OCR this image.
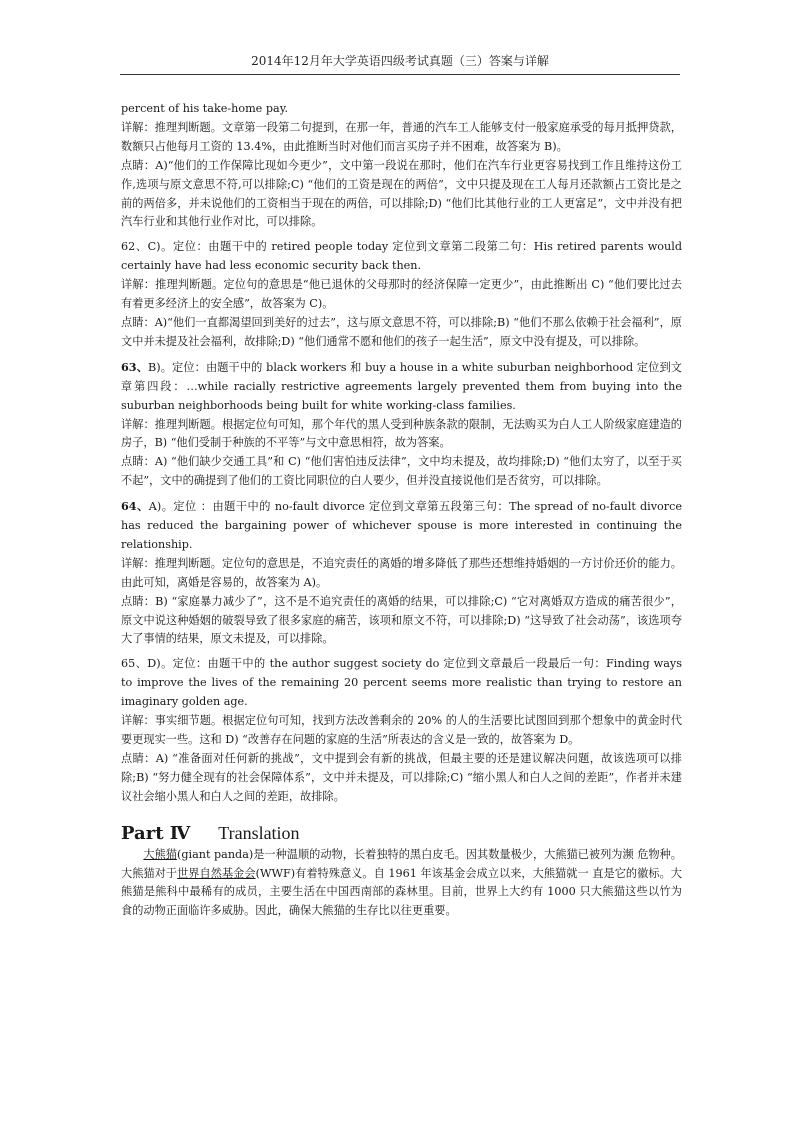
2014年12月年大学英语四级考试真题（三）答案与详解

percent of his take-home pay.

详解：推理判断题。文章第一段第二句提到，在那一年，普通的汽车工人能够支付一般家庭承受的每月抵押贷款，数额只占他每月工资的 13.4%，由此推断当时对他们而言买房子并不困难，故答案为 B)。

点睛：A)“他们的工作保障比现如今更少”，文中第一段说在那时，他们在汽车行业更容易找到工作且维持这份工作,选项与原文意思不符,可以排除;C) “他们的工资是现在的两倍”，文中只提及现在工人每月还款额占工资比是之前的两倍多，并未说他们的工资相当于现在的两倍，可以排除;D) “他们比其他行业的工人更富足”，文中并没有把汽车行业和其他行业作对比，可以排除。

62、C)。定位：由题干中的 retired people today 定位到文章第二段第二句：His retired parents would certainly have had less economic security back then.

详解：推理判断题。定位句的意思是“他已退休的父母那时的经济保障一定更少”，由此推断出 C) “他们要比过去有着更多经济上的安全感”，故答案为 C)。

点睛：A)“他们一直都渴望回到美好的过去”，这与原文意思不符，可以排除;B) “他们不那么依赖于社会福利”，原文中并未提及社会福利，故排除;D) “他们通常不愿和他们的孩子一起生活”，原文中没有提及，可以排除。

63、B)。定位：由题干中的 black workers 和 buy a house in a white suburban neighborhood 定位到文章第四段：…while racially restrictive agreements largely prevented them from buying into the suburban neighborhoods being built for white working-class families.

详解：推理判断题。根据定位句可知，那个年代的黑人受到种族条款的限制，无法购买为白人工人阶级家庭建造的房子，B) “他们受制于种族的不平等”与文中意思相符，故为答案。

点睛：A) “他们缺少交通工具”和 C) “他们害怕违反法律”，文中均未提及，故均排除;D) “他们太穷了，以至于买不起”，文中的确提到了他们的工资比同职位的白人要少，但并没直接说他们是否贫穷，可以排除。

64、A)。定位 ：由题干中的 no-fault divorce 定位到文章第五段第三句：The spread of no-fault divorce has reduced the bargaining power of whichever spouse is more interested in continuing the relationship.

详解：推理判断题。定位句的意思是，不追究责任的离婚的增多降低了那些还想维持婚姻的一方讨价还价的能力。由此可知，离婚是容易的，故答案为 A)。

点睛：B) “家庭暴力减少了”，这不是不追究责任的离婚的结果，可以排除;C) “它对离婚双方造成的痛苦很少”，原文中说这种婚姻的破裂导致了很多家庭的痛苦，该项和原文不符，可以排除;D) “这导致了社会动荡”，该选项夸大了事情的结果，原文未提及，可以排除。

65、D)。定位：由题干中的 the author suggest society do 定位到文章最后一段最后一句：Finding ways to improve the lives of the remaining 20 percent seems more realistic than trying to restore an imaginary golden age.

详解：事实细节题。根据定位句可知，找到方法改善剩余的 20% 的人的生活要比试图回到那个想象中的黄金时代要更现实一些。这和 D) “改善存在问题的家庭的生活”所表达的含义是一致的，故答案为 D。

点睛：A) “准备面对任何新的挑战”，文中提到会有新的挑战，但最主要的还是建议解决问题，故该选项可以排除;B) “努力健全现有的社会保障体系”，文中并未提及，可以排除;C) “缩小黑人和白人之间的差距”，作者并未建议社会缩小黑人和白人之间的差距，故排除。

Part Ⅳ Translation

大熊猫(giant panda)是一种温顺的动物，长着独特的黑白皮毛。因其数量极少，大熊猫已被列为濒 危物种。大熊猫对于世界自然基金会(WWF)有着特殊意义。自 1961 年该基金会成立以来，大熊猫就一 直是它的徽标。大熊猫是熊科中最稀有的成员，主要生活在中国西南部的森林里。目前，世界上大约有 1000 只大熊猫这些以竹为食的动物正面临许多威胁。因此，确保大熊猫的生存比以往更重要。
